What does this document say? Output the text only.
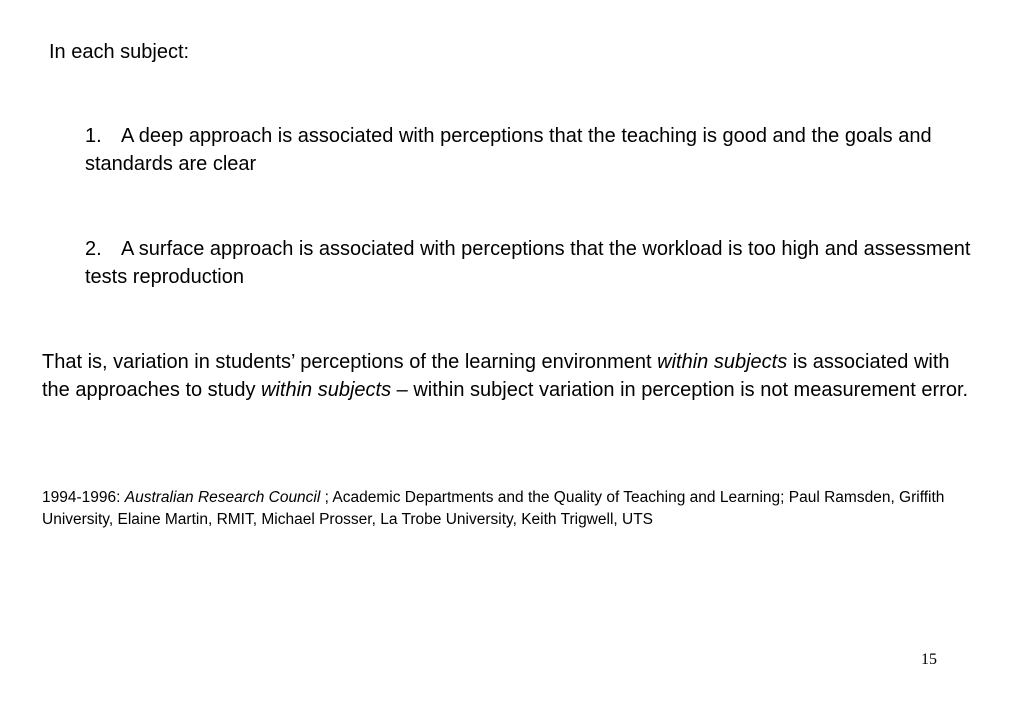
In each subject:

1. A deep approach is associated with perceptions that the teaching is good and the goals and standards are clear

2. A surface approach is associated with perceptions that the workload is too high and assessment tests reproduction

That is, variation in students’ perceptions of the learning environment within subjects is associated with the approaches to study within subjects – within subject variation in perception is not measurement error.

1994-1996: Australian Research Council ; Academic Departments and the Quality of Teaching and Learning; Paul Ramsden, Griffith University, Elaine Martin, RMIT, Michael Prosser, La Trobe University, Keith Trigwell, UTS

15
